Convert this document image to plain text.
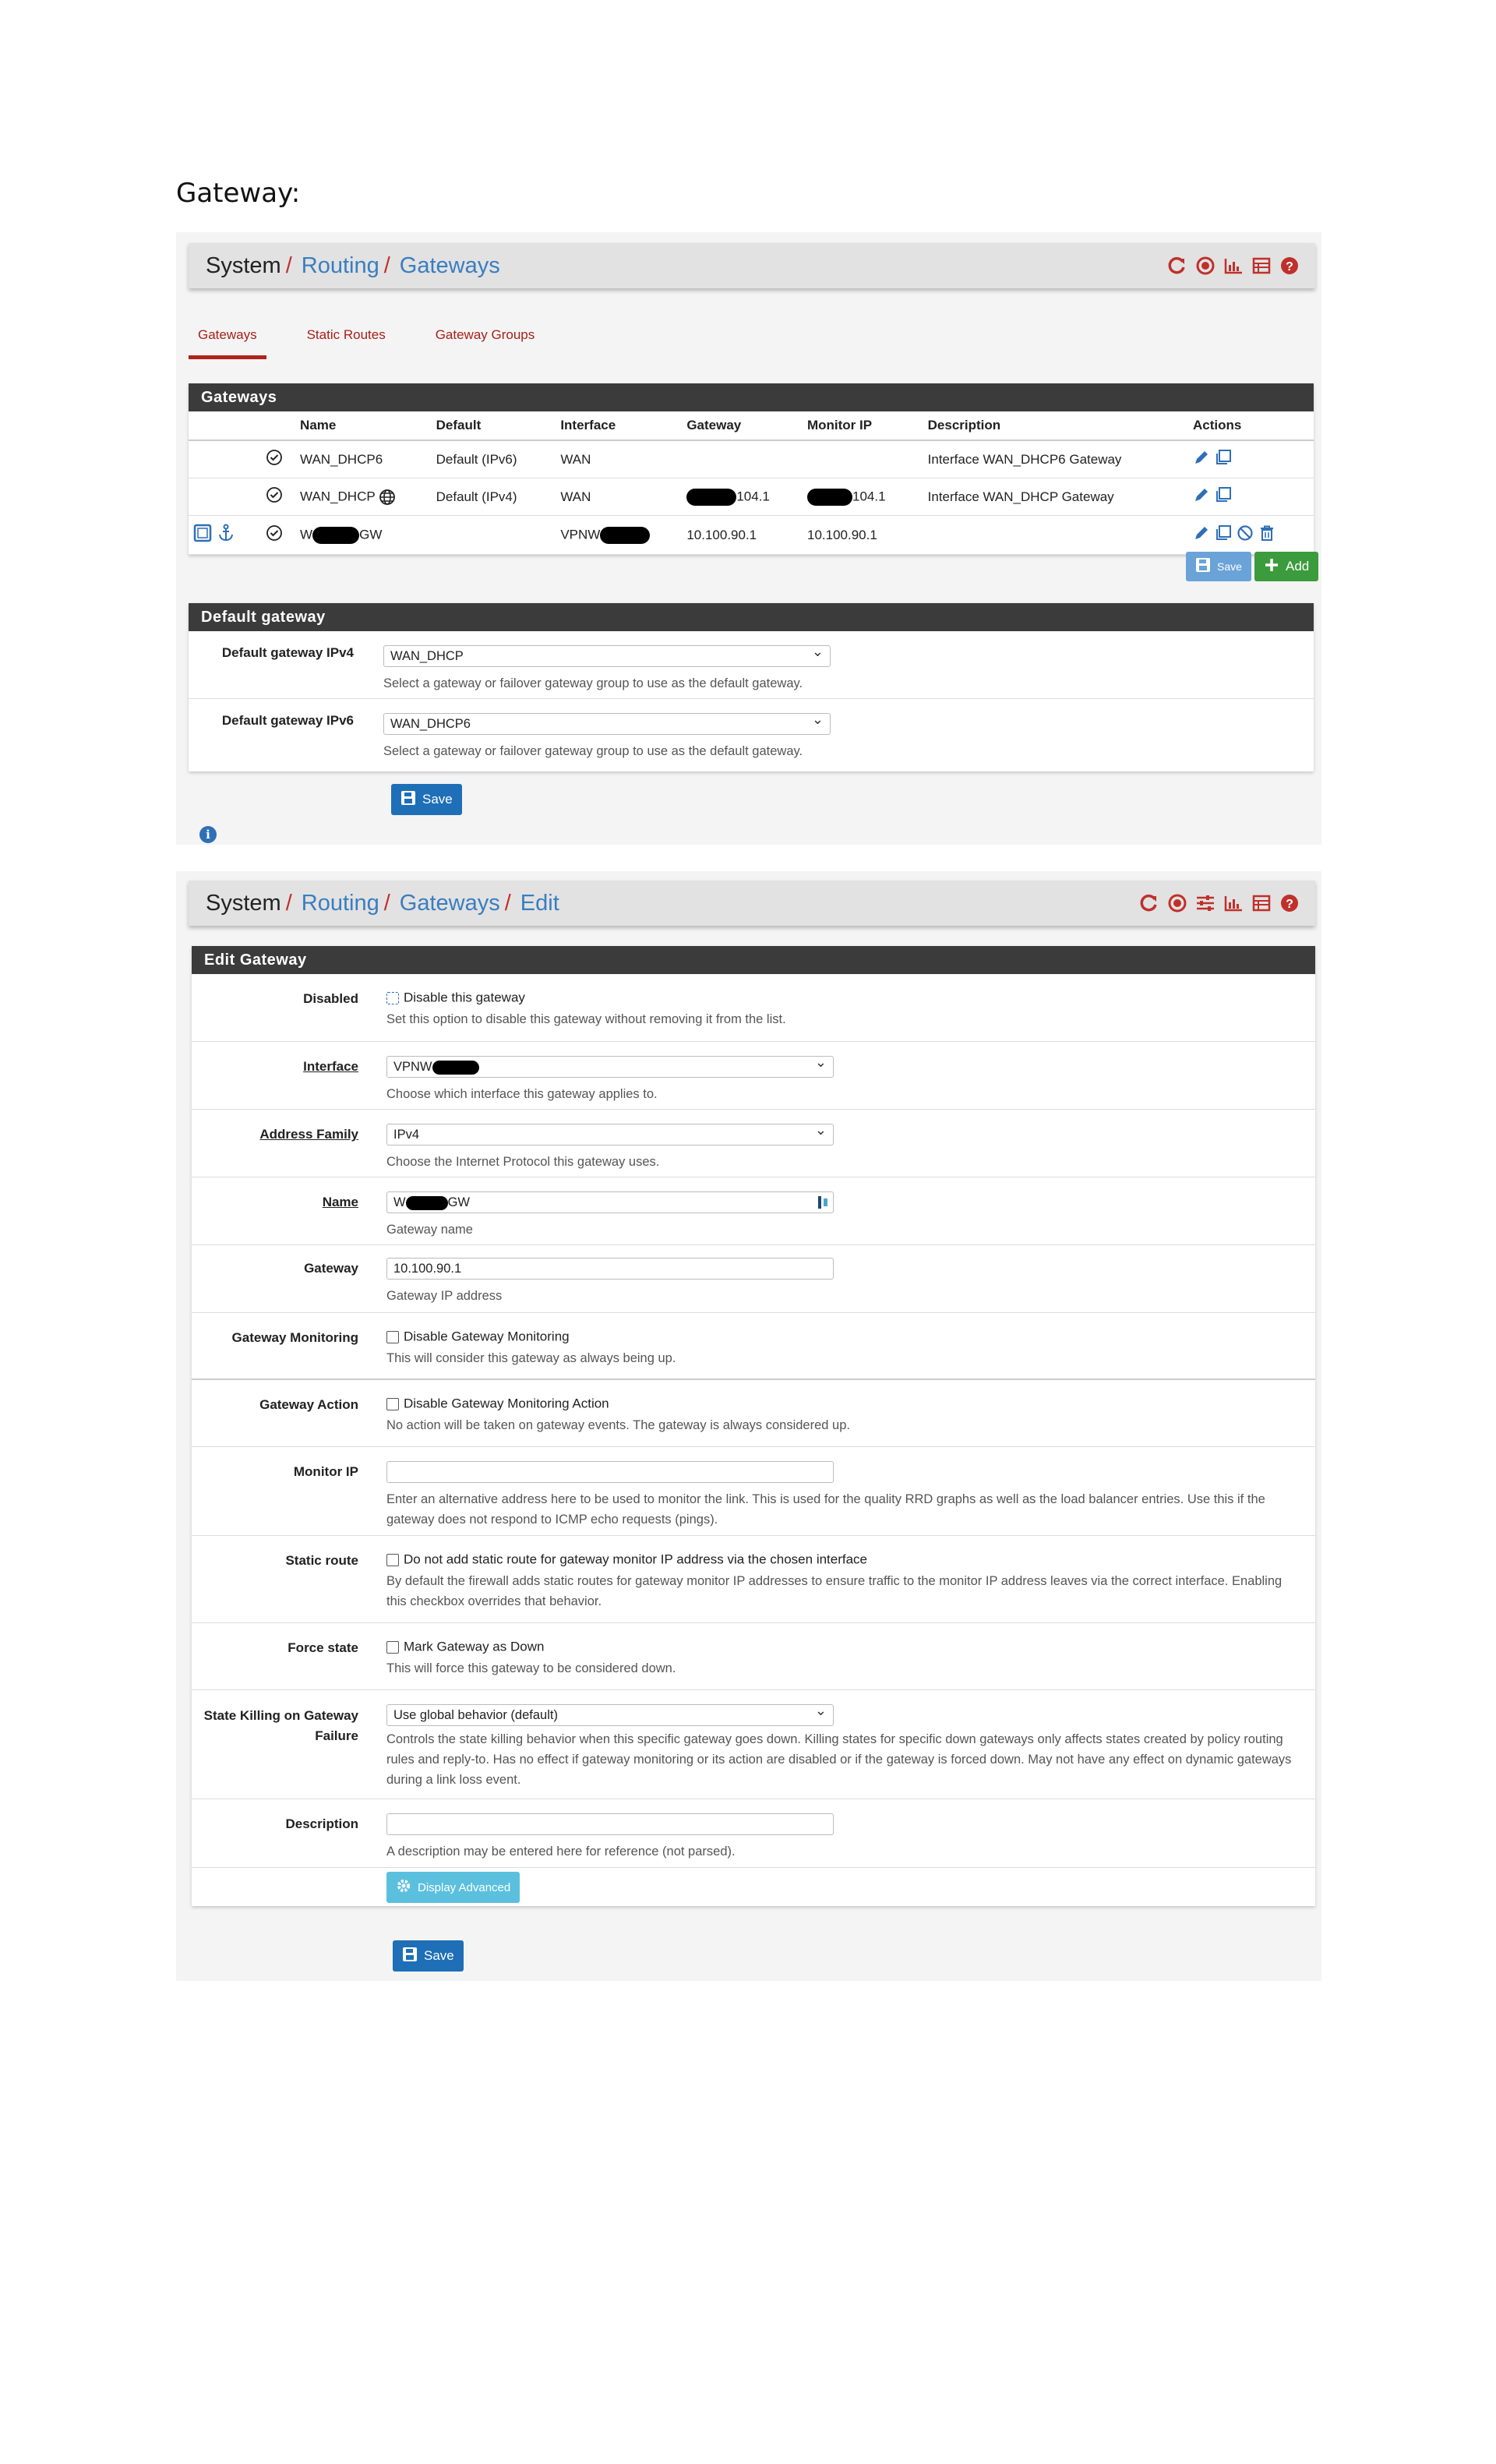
Gateway:
System / Routing / Gateways	?
Gateways	Static Routes	Gateway Groups
Gateways
		Name	Default	Interface	Gateway	Monitor IP	Description	Actions
		WAN_DHCP6	Default (IPv6)	WAN			Interface WAN_DHCP6 Gateway	

		WAN_DHCP	Default (IPv4)	WAN	104.1	104.1	Interface WAN_DHCP Gateway	

		W GW		VPNW	10.100.90.1	10.100.90.1		
Save	Add
Default gateway
Default gateway IPv4	WAN_DHCP ⌄
Select a gateway or failover gateway group to use as the default gateway.
Default gateway IPv6	WAN_DHCP6 ⌄
Select a gateway or failover gateway group to use as the default gateway.
Save
i
System / Routing / Gateways / Edit	?
Edit Gateway
Disabled	Disable this gateway
Set this option to disable this gateway without removing it from the list.
Interface	VPNW ⌄
Choose which interface this gateway applies to.
Address Family	IPv4 ⌄
Choose the Internet Protocol this gateway uses.
Name	W	GW
Gateway name
Gateway	10.100.90.1
Gateway IP address
Gateway Monitoring	Disable Gateway Monitoring
This will consider this gateway as always being up.
Gateway Action	Disable Gateway Monitoring Action
No action will be taken on gateway events. The gateway is always considered up.
Monitor IP
Enter an alternative address here to be used to monitor the link. This is used for the quality RRD graphs as well as the load balancer entries. Use this if the gateway does not respond to ICMP echo requests (pings).
Static route	Do not add static route for gateway monitor IP address via the chosen interface
By default the firewall adds static routes for gateway monitor IP addresses to ensure traffic to the monitor IP address leaves via the correct interface. Enabling this checkbox overrides that behavior.
Force state	Mark Gateway as Down
This will force this gateway to be considered down.
State Killing on Gateway
Failure
Use global behavior (default) ⌄
Controls the state killing behavior when this specific gateway goes down. Killing states for specific down gateways only affects states created by policy routing rules and reply-to. Has no effect if gateway monitoring or its action are disabled or if the gateway is forced down. May not have any effect on dynamic gateways during a link loss event.
Description
A description may be entered here for reference (not parsed).
Display Advanced
Save
